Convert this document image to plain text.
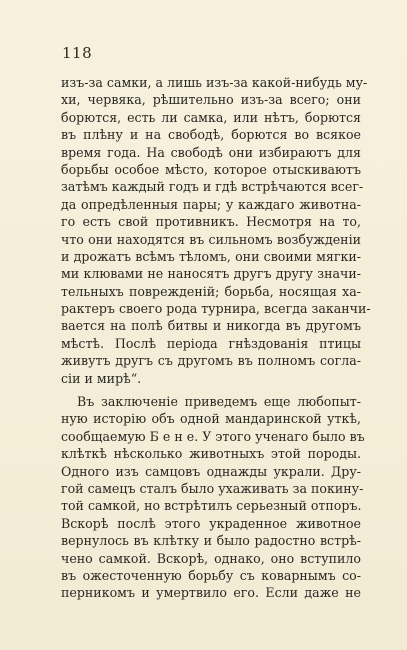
118
изъ-за самки, а лишь изъ-за какой-нибудь му-
хи, червяка, рѣшительно изъ-за всего; они
борются, есть ли самка, или нѣтъ, борются
въ плѣну и на свободѣ, борются во всякое
время года. На свободѣ они избираютъ для
борьбы особое мѣсто, которое отыскиваютъ
затѣмъ каждый годъ и гдѣ встрѣчаются всег-
да опредѣленныя пары; у каждаго животна-
го есть свой противникъ. Несмотря на то,
что они находятся въ сильномъ возбужденіи
и дрожатъ всѣмъ тѣломъ, они своими мягки-
ми клювами не наносятъ другъ другу значи-
тельныхъ поврежденій; борьба, носящая ха-
рактеръ своего рода турнира, всегда заканчи-
вается на полѣ битвы и никогда въ другомъ
мѣстѣ. Послѣ періода гнѣздованія птицы
живутъ другъ съ другомъ въ полномъ согла-
сіи и мирѣ“.
Въ заключеніе приведемъ еще любопыт-
ную исторію объ одной мандаринской уткѣ,
сообщаемую Б е н е. У этого ученаго было въ
клѣткѣ нѣсколько животныхъ этой породы.
Одного изъ самцовъ однажды украли. Дру-
гой самецъ сталъ было ухаживать за покину-
той самкой, но встрѣтилъ серьезный отпоръ.
Вскорѣ послѣ этого украденное животное
вернулось въ клѣтку и было радостно встрѣ-
чено самкой. Вскорѣ, однако, оно вступило
въ ожесточенную борьбу съ коварнымъ со-
перникомъ и умертвило его. Если даже не
